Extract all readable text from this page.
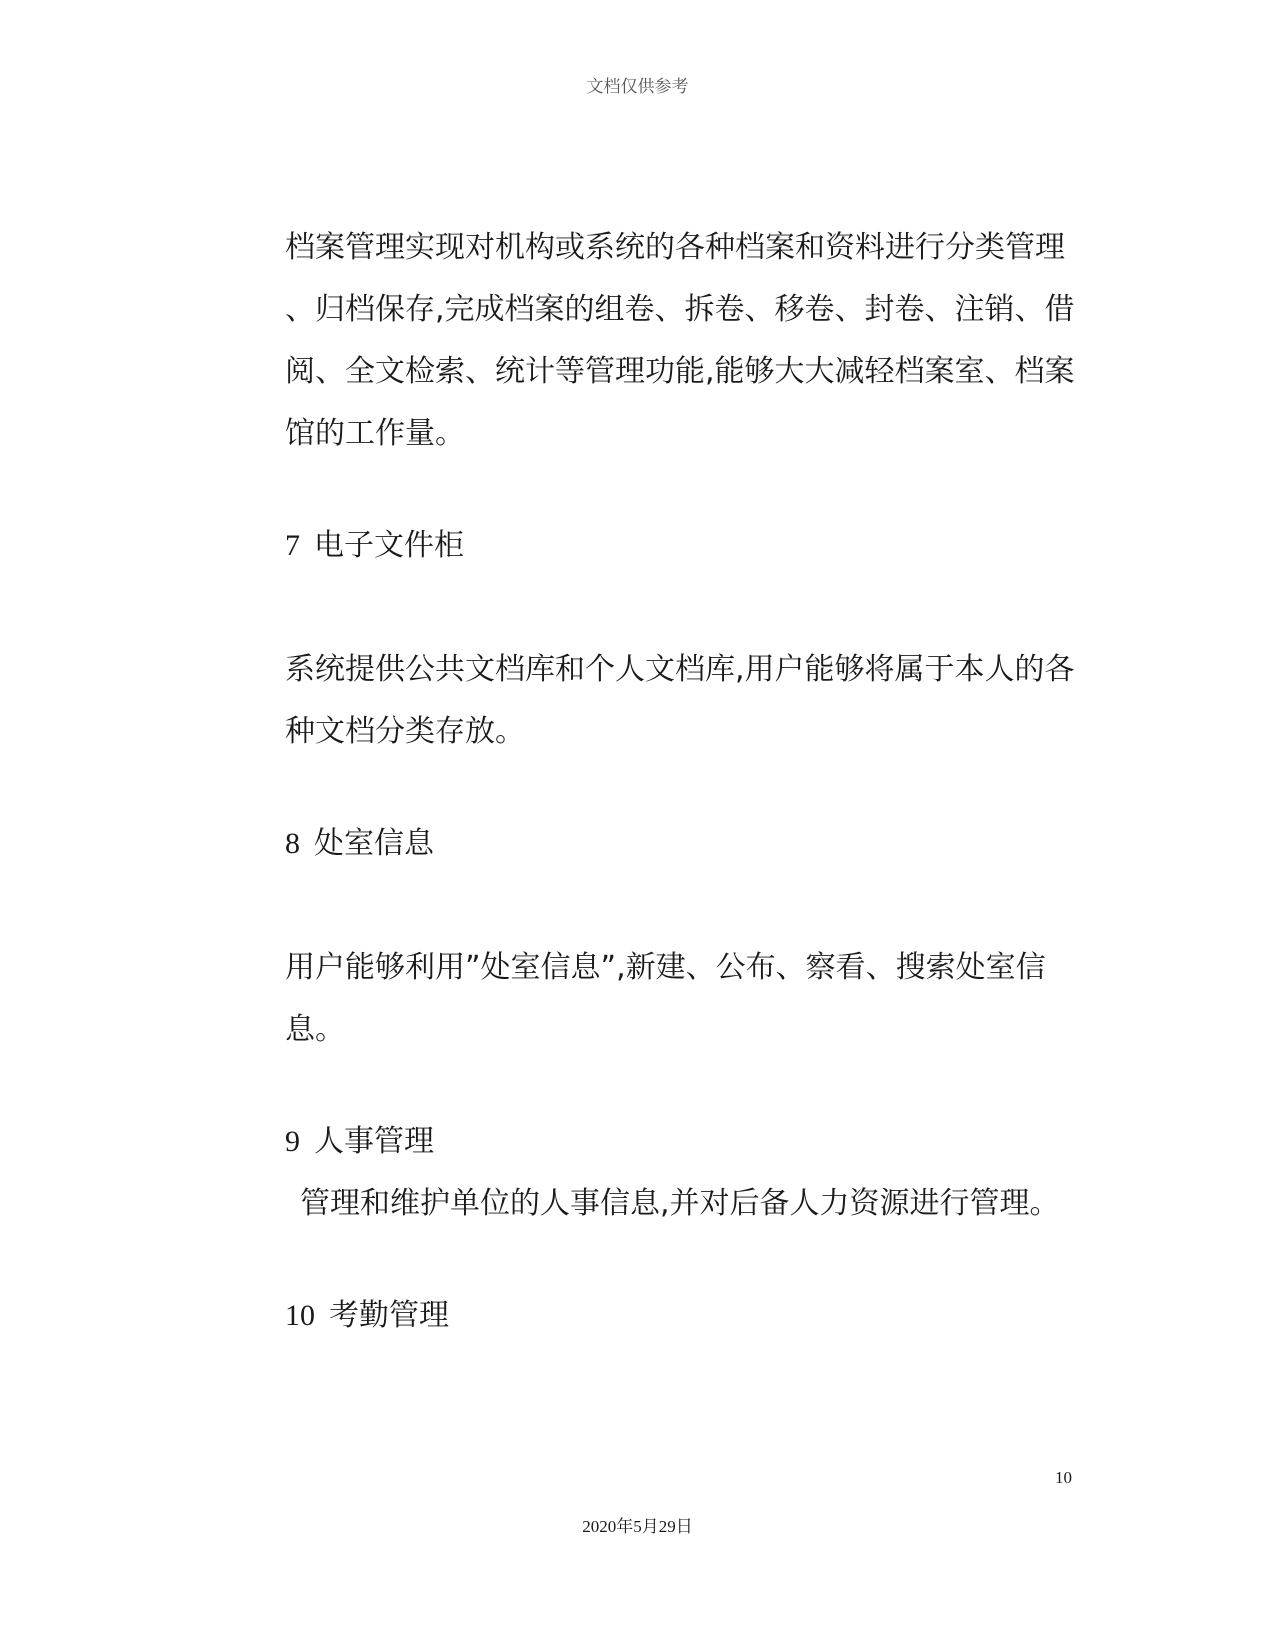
文档仅供参考
档案管理实现对机构或系统的各种档案和资料进行分类管理
、归档保存,完成档案的组卷、拆卷、移卷、封卷、注销、借
阅、全文检索、统计等管理功能,能够大大减轻档案室、档案
馆的工作量。
7 电子文件柜
系统提供公共文档库和个人文档库,用户能够将属于本人的各
种文档分类存放。
8 处室信息
用户能够利用”处室信息”,新建、公布、察看、搜索处室信
息。
9 人事管理
管理和维护单位的人事信息,并对后备人力资源进行管理。
10 考勤管理
10
2020年5月29日
